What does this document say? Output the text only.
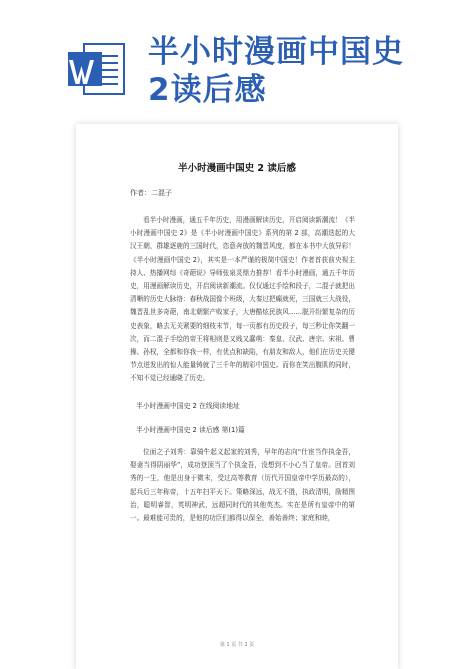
半小时漫画中国史
2读后感
半小时漫画中国史 2 读后感
作者：二混子

看半小时漫画，通五千年历史，用漫画解读历史，开启阅读新潮流！《半小时漫画中国史 2》是《半小时漫画中国史》系列的第 2 部，高潮迭起的大汉王朝，群雄逐鹿的三国时代，恣意奔放的魏晋风度，都在本书中大放异彩！《半小时漫画中国史 2》，其实是一本严谨的极简中国史！作者首获前央视主持人、热播网综《奇葩说》导师张泉灵鼎力推荐！看半小时漫画，通五千年历史，用漫画解读历史，开启阅读新潮流。仅仅通过手绘和段子，二混子就把出清晰的历史大脉络：春秋战国像个班级，大秦过把癫就死，三国就三大战役，魏晋乱世多奇葩，南北朝繁产败家子，大唐酷炫民族风……脱开纷繁复杂的历史表象，略去无关紧要的细枝末节，每一页都有历史段子，每三秒让你笑翻一次，而二混子手绘的帝王将相则是又贱又蠢萌：秦皇、汉武、唐宗、宋祖、曹操、孙权，全都和你我一样，有优点和缺陷，有朋友和敌人，他们在历史关键节点迸发出的惊人能量铸就了三千年的精彩中国史。而你在笑出腹肌的同时，不知不觉已经通晓了历史。

半小时漫画中国史 2 在线阅读地址
半小时漫画中国史 2 读后感 第(1)篇

位面之子刘秀：靠骑牛起义起家的刘秀，早年的志向“仕宦当作执金吾，娶妻当得阴丽华”，成功登顶当了个执金吾，没想到不小心当了皇帝。回首刘秀的一生，他是出身于微末，受过高等教育（历代开国皇帝中学历最高的），起兵后三年称帝，十五年扫平天下。策略深远，战无不胜，执政清明，励精图治，聪明睿智，英明神武，远超同时代的其他英杰。实在是所有皇帝中的第一。最难能可贵的，是他的功臣们都得以保全，善始善终；家庭和睦，

第 1 页 共 2 页
